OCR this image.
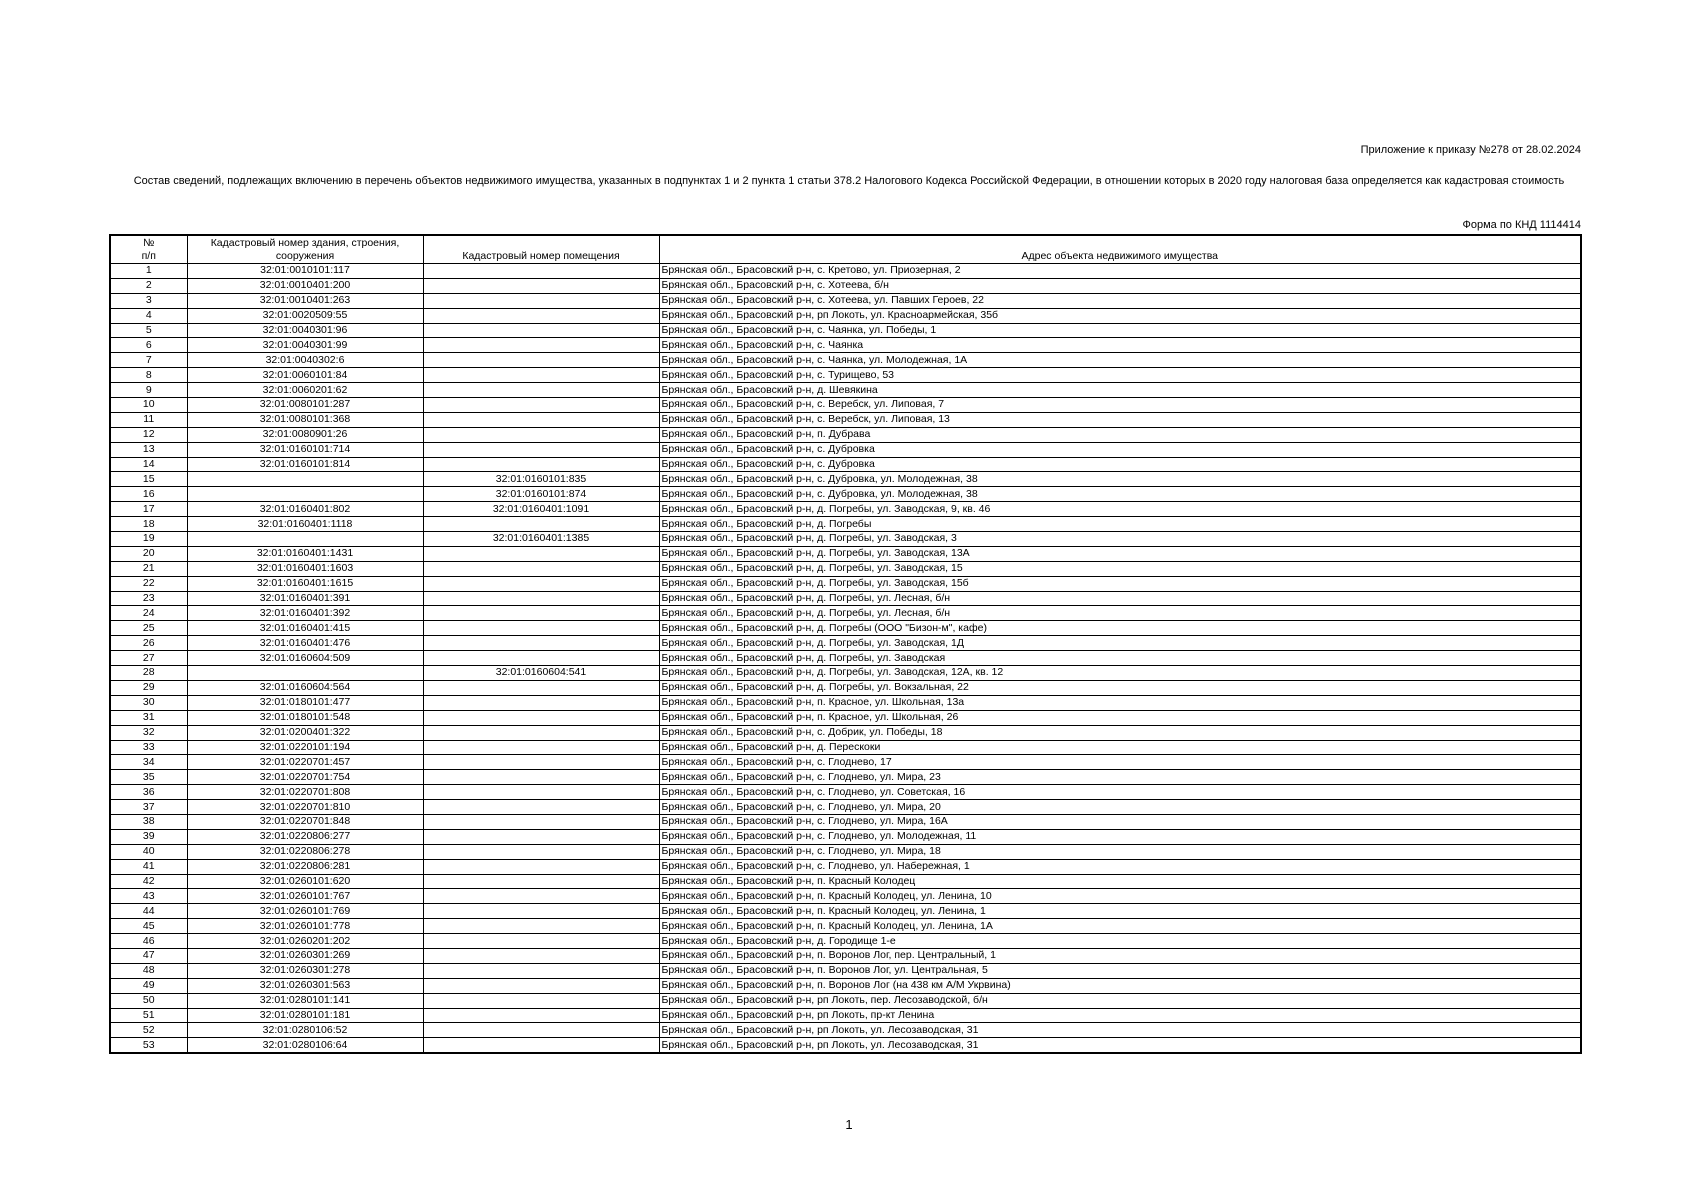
Приложение к приказу №278 от 28.02.2024
Состав сведений, подлежащих включению в перечень объектов недвижимого имущества, указанных в подпунктах 1 и 2 пункта 1 статьи 378.2 Налогового Кодекса Российской Федерации, в отношении которых в 2020 году налоговая база определяется как кадастровая стоимость
Форма по КНД 1114414
№
п/п	Кадастровый номер здания, строения, сооружения	Кадастровый номер помещения	Адрес объекта недвижимого имущества
1	32:01:0010101:117		Брянская обл., Брасовский р-н, с. Кретово, ул. Приозерная, 2
2	32:01:0010401:200		Брянская обл., Брасовский р-н, с. Хотеева, б/н
3	32:01:0010401:263		Брянская обл., Брасовский р-н, с. Хотеева, ул. Павших Героев, 22
4	32:01:0020509:55		Брянская обл., Брасовский р-н, рп Локоть, ул. Красноармейская, 35б
5	32:01:0040301:96		Брянская обл., Брасовский р-н, с. Чаянка, ул. Победы, 1
6	32:01:0040301:99		Брянская обл., Брасовский р-н, с. Чаянка
7	32:01:0040302:6		Брянская обл., Брасовский р-н, с. Чаянка, ул. Молодежная, 1А
8	32:01:0060101:84		Брянская обл., Брасовский р-н, с. Турищево, 53
9	32:01:0060201:62		Брянская обл., Брасовский р-н, д. Шевякина
10	32:01:0080101:287		Брянская обл., Брасовский р-н, с. Веребск, ул. Липовая, 7
11	32:01:0080101:368		Брянская обл., Брасовский р-н, с. Веребск, ул. Липовая, 13
12	32:01:0080901:26		Брянская обл., Брасовский р-н, п. Дубрава
13	32:01:0160101:714		Брянская обл., Брасовский р-н, с. Дубровка
14	32:01:0160101:814		Брянская обл., Брасовский р-н, с. Дубровка
15		32:01:0160101:835	Брянская обл., Брасовский р-н, с. Дубровка, ул. Молодежная, 38
16		32:01:0160101:874	Брянская обл., Брасовский р-н, с. Дубровка, ул. Молодежная, 38
17	32:01:0160401:802	32:01:0160401:1091	Брянская обл., Брасовский р-н, д. Погребы, ул. Заводская, 9, кв. 46
18	32:01:0160401:1118		Брянская обл., Брасовский р-н, д. Погребы
19		32:01:0160401:1385	Брянская обл., Брасовский р-н, д. Погребы, ул. Заводская, 3
20	32:01:0160401:1431		Брянская обл., Брасовский р-н, д. Погребы, ул. Заводская, 13А
21	32:01:0160401:1603		Брянская обл., Брасовский р-н, д. Погребы, ул. Заводская, 15
22	32:01:0160401:1615		Брянская обл., Брасовский р-н, д. Погребы, ул. Заводская, 15б
23	32:01:0160401:391		Брянская обл., Брасовский р-н, д. Погребы, ул. Лесная, б/н
24	32:01:0160401:392		Брянская обл., Брасовский р-н, д. Погребы, ул. Лесная, б/н
25	32:01:0160401:415		Брянская обл., Брасовский р-н, д. Погребы (ООО "Бизон-м", кафе)
26	32:01:0160401:476		Брянская обл., Брасовский р-н, д. Погребы, ул. Заводская, 1Д
27	32:01:0160604:509		Брянская обл., Брасовский р-н, д. Погребы, ул. Заводская
28		32:01:0160604:541	Брянская обл., Брасовский р-н, д. Погребы, ул. Заводская, 12А, кв. 12
29	32:01:0160604:564		Брянская обл., Брасовский р-н, д. Погребы, ул. Вокзальная, 22
30	32:01:0180101:477		Брянская обл., Брасовский р-н, п. Красное, ул. Школьная, 13а
31	32:01:0180101:548		Брянская обл., Брасовский р-н, п. Красное, ул. Школьная, 26
32	32:01:0200401:322		Брянская обл., Брасовский р-н, с. Добрик, ул. Победы, 18
33	32:01:0220101:194		Брянская обл., Брасовский р-н, д. Перескоки
34	32:01:0220701:457		Брянская обл., Брасовский р-н, с. Глоднево, 17
35	32:01:0220701:754		Брянская обл., Брасовский р-н, с. Глоднево, ул. Мира, 23
36	32:01:0220701:808		Брянская обл., Брасовский р-н, с. Глоднево, ул. Советская, 16
37	32:01:0220701:810		Брянская обл., Брасовский р-н, с. Глоднево, ул. Мира, 20
38	32:01:0220701:848		Брянская обл., Брасовский р-н, с. Глоднево, ул. Мира, 16А
39	32:01:0220806:277		Брянская обл., Брасовский р-н, с. Глоднево, ул. Молодежная, 11
40	32:01:0220806:278		Брянская обл., Брасовский р-н, с. Глоднево, ул. Мира, 18
41	32:01:0220806:281		Брянская обл., Брасовский р-н, с. Глоднево, ул. Набережная, 1
42	32:01:0260101:620		Брянская обл., Брасовский р-н, п. Красный Колодец
43	32:01:0260101:767		Брянская обл., Брасовский р-н, п. Красный Колодец, ул. Ленина, 10
44	32:01:0260101:769		Брянская обл., Брасовский р-н, п. Красный Колодец, ул. Ленина, 1
45	32:01:0260101:778		Брянская обл., Брасовский р-н, п. Красный Колодец, ул. Ленина, 1А
46	32:01:0260201:202		Брянская обл., Брасовский р-н, д. Городище 1-е
47	32:01:0260301:269		Брянская обл., Брасовский р-н, п. Воронов Лог, пер. Центральный, 1
48	32:01:0260301:278		Брянская обл., Брасовский р-н, п. Воронов Лог, ул. Центральная, 5
49	32:01:0260301:563		Брянская обл., Брасовский р-н, п. Воронов Лог (на 438 км А/М Укрвина)
50	32:01:0280101:141		Брянская обл., Брасовский р-н, рп Локоть, пер. Лесозаводской, б/н
51	32:01:0280101:181		Брянская обл., Брасовский р-н, рп Локоть, пр-кт Ленина
52	32:01:0280106:52		Брянская обл., Брасовский р-н, рп Локоть, ул. Лесозаводская, 31
53	32:01:0280106:64		Брянская обл., Брасовский р-н, рп Локоть, ул. Лесозаводская, 31
1
